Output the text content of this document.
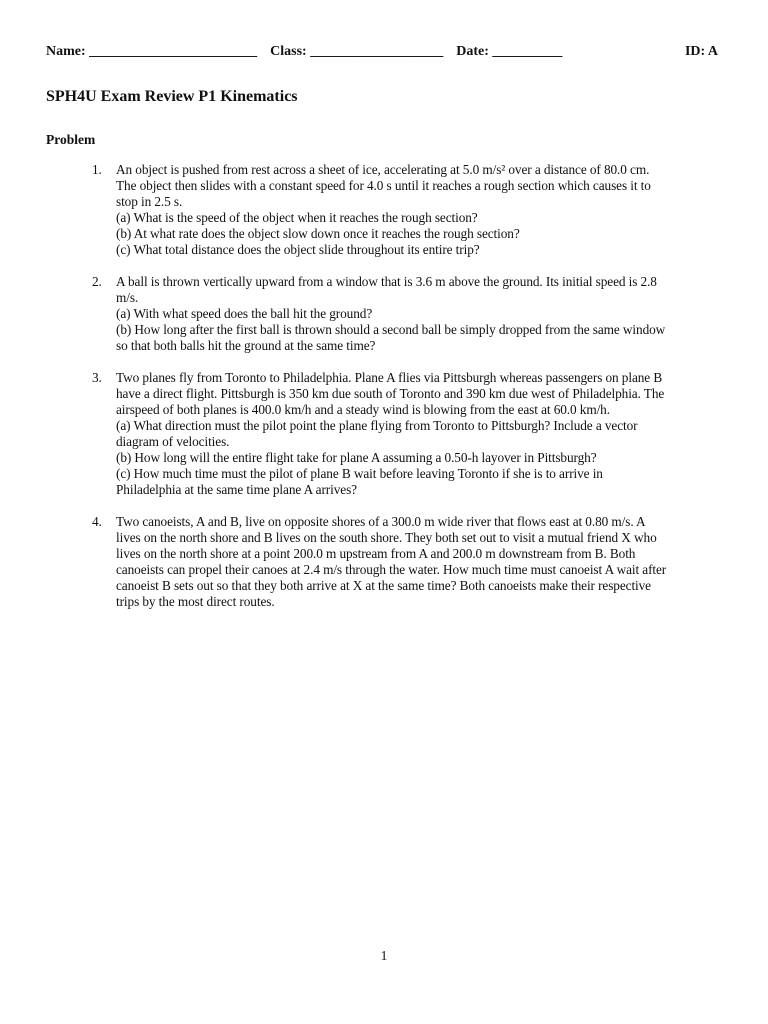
Name: ________________________ Class: ___________________ Date: __________	ID: A
SPH4U Exam Review P1 Kinematics
Problem
1.	An object is pushed from rest across a sheet of ice, accelerating at 5.0 m/s² over a distance of 80.0 cm.
The object then slides with a constant speed for 4.0 s until it reaches a rough section which causes it to
stop in 2.5 s.
(a) What is the speed of the object when it reaches the rough section?
(b) At what rate does the object slow down once it reaches the rough section?
(c) What total distance does the object slide throughout its entire trip?
2.	A ball is thrown vertically upward from a window that is 3.6 m above the ground. Its initial speed is 2.8
m/s.
(a) With what speed does the ball hit the ground?
(b) How long after the first ball is thrown should a second ball be simply dropped from the same window
so that both balls hit the ground at the same time?
3.	Two planes fly from Toronto to Philadelphia. Plane A flies via Pittsburgh whereas passengers on plane B
have a direct flight. Pittsburgh is 350 km due south of Toronto and 390 km due west of Philadelphia. The
airspeed of both planes is 400.0 km/h and a steady wind is blowing from the east at 60.0 km/h.
(a) What direction must the pilot point the plane flying from Toronto to Pittsburgh? Include a vector
diagram of velocities.
(b) How long will the entire flight take for plane A assuming a 0.50-h layover in Pittsburgh?
(c) How much time must the pilot of plane B wait before leaving Toronto if she is to arrive in
Philadelphia at the same time plane A arrives?
4.	Two canoeists, A and B, live on opposite shores of a 300.0 m wide river that flows east at 0.80 m/s. A
lives on the north shore and B lives on the south shore. They both set out to visit a mutual friend X who
lives on the north shore at a point 200.0 m upstream from A and 200.0 m downstream from B. Both
canoeists can propel their canoes at 2.4 m/s through the water. How much time must canoeist A wait after
canoeist B sets out so that they both arrive at X at the same time? Both canoeists make their respective
trips by the most direct routes.
1
